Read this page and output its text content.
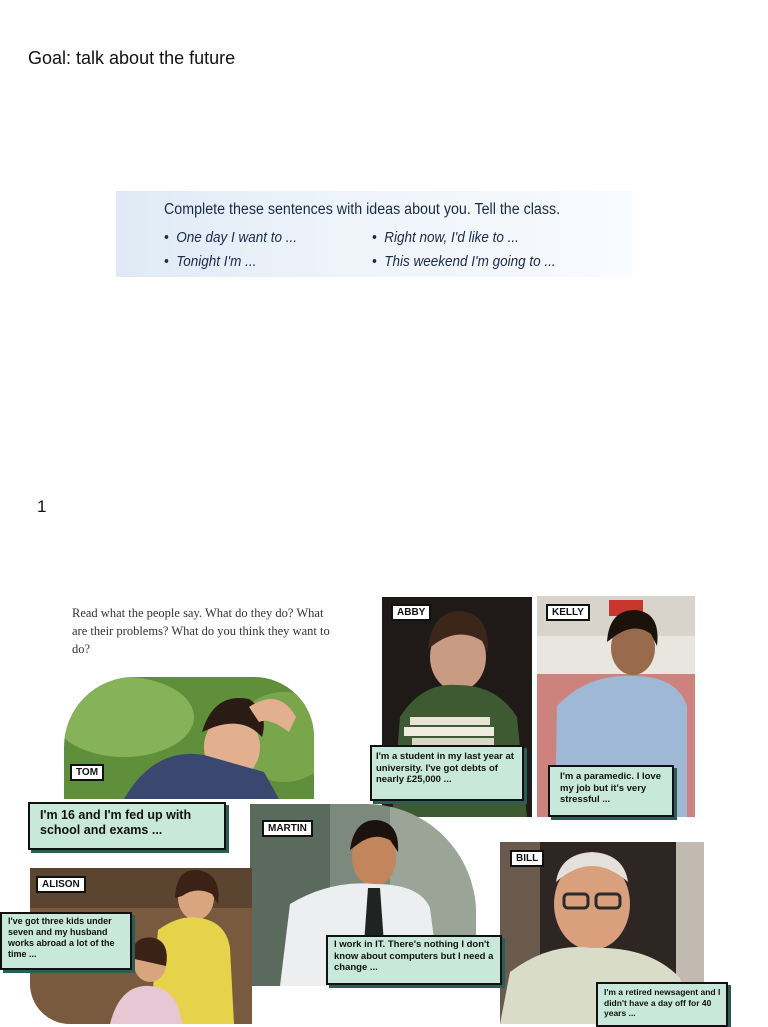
Goal: talk about the future
Complete these sentences with ideas about you. Tell the class.
•  One day I want to ...
•  Tonight I'm ...
•  Right now, I'd like to ...
•  This weekend I'm going to ...
1
Read what the people say. What do they do? What are their problems? What do you think they want to do?
TOM
I'm 16 and I'm fed up with school and exams ...
ABBY
I'm a student in my last year at university. I've got debts of nearly £25,000 ...
KELLY
I'm a paramedic. I love my job but it's very stressful ...
MARTIN
I work in IT. There's nothing I don't know about computers but I need a change ...
ALISON
I've got three kids under seven and my husband works abroad a lot of the time ...
BILL
I'm a retired newsagent and I didn't have a day off for 40 years ...
